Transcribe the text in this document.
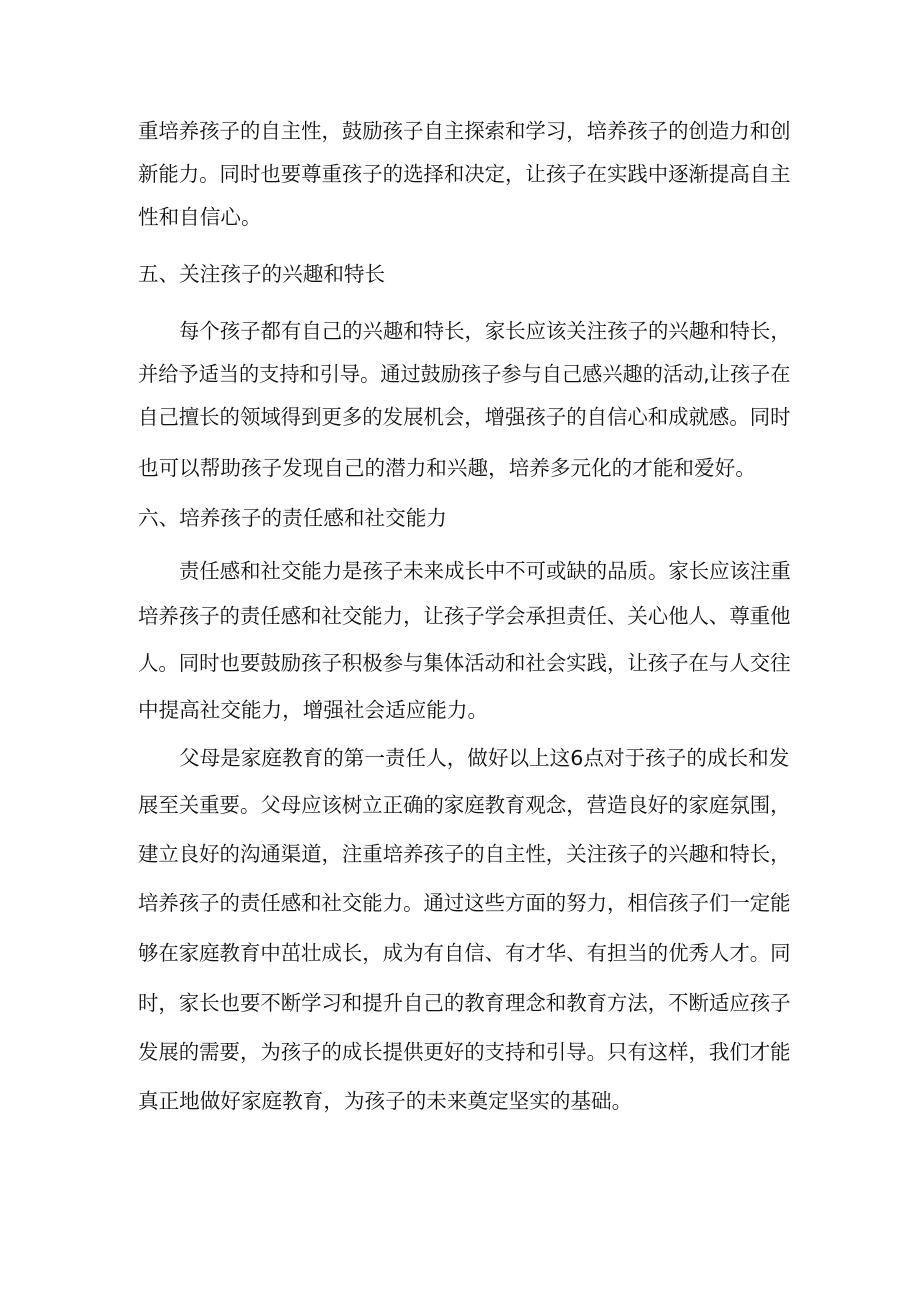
重培养孩子的自主性，鼓励孩子自主探索和学习，培养孩子的创造力和创
新能力。同时也要尊重孩子的选择和决定，让孩子在实践中逐渐提高自主
性和自信心。
五、关注孩子的兴趣和特长
每个孩子都有自己的兴趣和特长，家长应该关注孩子的兴趣和特长，
并给予适当的支持和引导。通过鼓励孩子参与自己感兴趣的活动,让孩子在
自己擅长的领域得到更多的发展机会，增强孩子的自信心和成就感。同时
也可以帮助孩子发现自己的潜力和兴趣，培养多元化的才能和爱好。
六、培养孩子的责任感和社交能力
责任感和社交能力是孩子未来成长中不可或缺的品质。家长应该注重
培养孩子的责任感和社交能力，让孩子学会承担责任、关心他人、尊重他
人。同时也要鼓励孩子积极参与集体活动和社会实践，让孩子在与人交往
中提高社交能力，增强社会适应能力。
父母是家庭教育的第一责任人，做好以上这6点对于孩子的成长和发
展至关重要。父母应该树立正确的家庭教育观念，营造良好的家庭氛围，
建立良好的沟通渠道，注重培养孩子的自主性，关注孩子的兴趣和特长，
培养孩子的责任感和社交能力。通过这些方面的努力，相信孩子们一定能
够在家庭教育中茁壮成长，成为有自信、有才华、有担当的优秀人才。同
时，家长也要不断学习和提升自己的教育理念和教育方法，不断适应孩子
发展的需要，为孩子的成长提供更好的支持和引导。只有这样，我们才能
真正地做好家庭教育，为孩子的未来奠定坚实的基础。
